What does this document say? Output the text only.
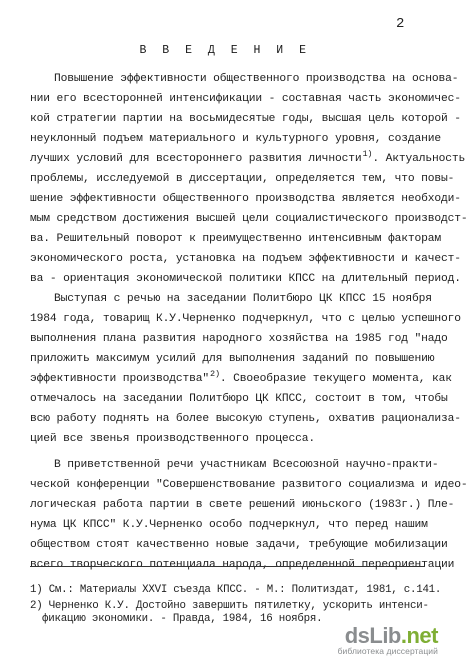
2
В В Е Д Е Н И Е
Повышение эффективности общественного производства на основа-
нии его всесторонней интенсификации - составная часть экономичес-
кой стратегии партии на восьмидесятые годы, высшая цель которой -
неуклонный подъем материального и культурного уровня, создание
лучших условий для всестороннего развития личности$^{1)}$. Актуальность
проблемы, исследуемой в диссертации, определяется тем, что повы-
шение эффективности общественного производства является необходи-
мым средством достижения высшей цели социалистического производст-
ва. Решительный поворот к преимущественно интенсивным факторам
экономического роста, установка на подъем эффективности и качест-
ва - ориентация экономической политики КПСС на длительный период.
Выступая с речью на заседании Политбюро ЦК КПСС 15 ноября
1984 года, товарищ К.У.Черненко подчеркнул, что с целью успешного
выполнения плана развития народного хозяйства на 1985 год "надо
приложить максимум усилий для выполнения заданий по повышению
эффективности производства"$^{2)}$. Своеобразие текущего момента, как
отмечалось на заседании Политбюро ЦК КПСС, состоит в том, чтобы
всю работу поднять на более высокую ступень, охватив рационализа-
цией все звенья производственного процесса.
В приветственной речи участникам Всесоюзной научно-практи-
ческой конференции "Совершенствование развитого социализма и идео-
логическая работа партии в свете решений июньского (1983г.) Пле-
нума ЦК КПСС" К.У.Черненко особо подчеркнул, что перед нашим
обществом стоят качественно новые задачи, требующие мобилизации
всего творческого потенциала народа, определенной переориентации
1) См.: Материалы XXVI съезда КПСС. - М.: Политиздат, 1981, с.141.
2) Черненко К.У. Достойно завершить пятилетку, ускорить интенси-
фикацию экономики. - Правда, 1984, 16 ноября.
dsLib.net
библиотека диссертаций
